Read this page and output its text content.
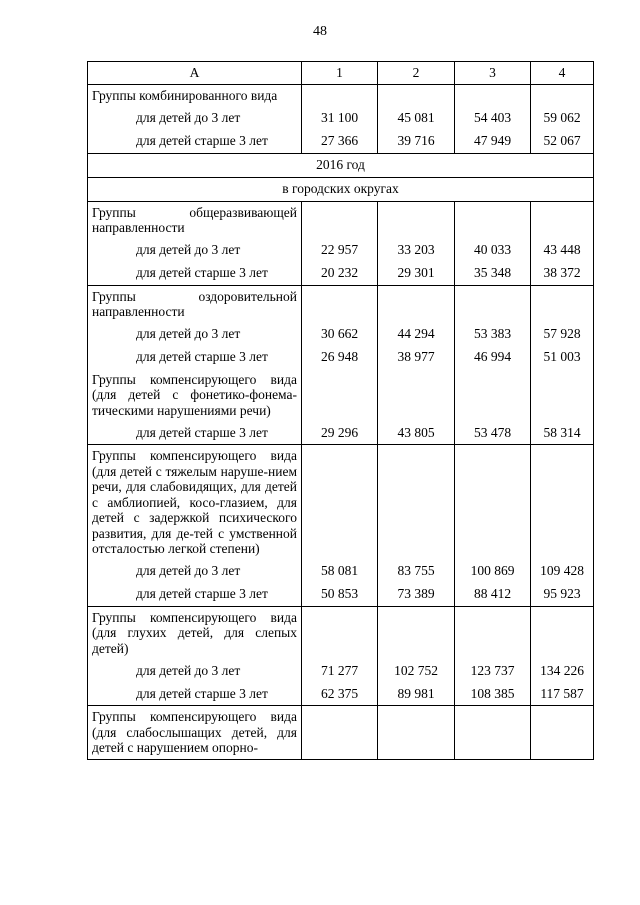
48
А	1	2	3	4
Группы комбинированного вида				
для детей до 3 лет	31 100	45 081	54 403	59 062
для детей старше 3 лет	27 366	39 716	47 949	52 067
2016 год				
в городских округах				
Группы общеразвивающей направленности				
для детей до 3 лет	22 957	33 203	40 033	43 448
для детей старше 3 лет	20 232	29 301	35 348	38 372
Группы оздоровительной направленности				
для детей до 3 лет	30 662	44 294	53 383	57 928
для детей старше 3 лет	26 948	38 977	46 994	51 003
Группы компенсирующего вида (для детей с фонетико-фонема-тическими нарушениями речи)				
для детей старше 3 лет	29 296	43 805	53 478	58 314
Группы компенсирующего вида (для детей с тяжелым наруше-нием речи, для слабовидящих, для детей с амблиопией, косо-глазием, для детей с задержкой психического развития, для де-тей с умственной отсталостью легкой степени)				
для детей до 3 лет	58 081	83 755	100 869	109 428
для детей старше 3 лет	50 853	73 389	88 412	95 923
Группы компенсирующего вида (для глухих детей, для слепых детей)				
для детей до 3 лет	71 277	102 752	123 737	134 226
для детей старше 3 лет	62 375	89 981	108 385	117 587
Группы компенсирующего вида (для слабослышащих детей, для детей с нарушением опорно-				
